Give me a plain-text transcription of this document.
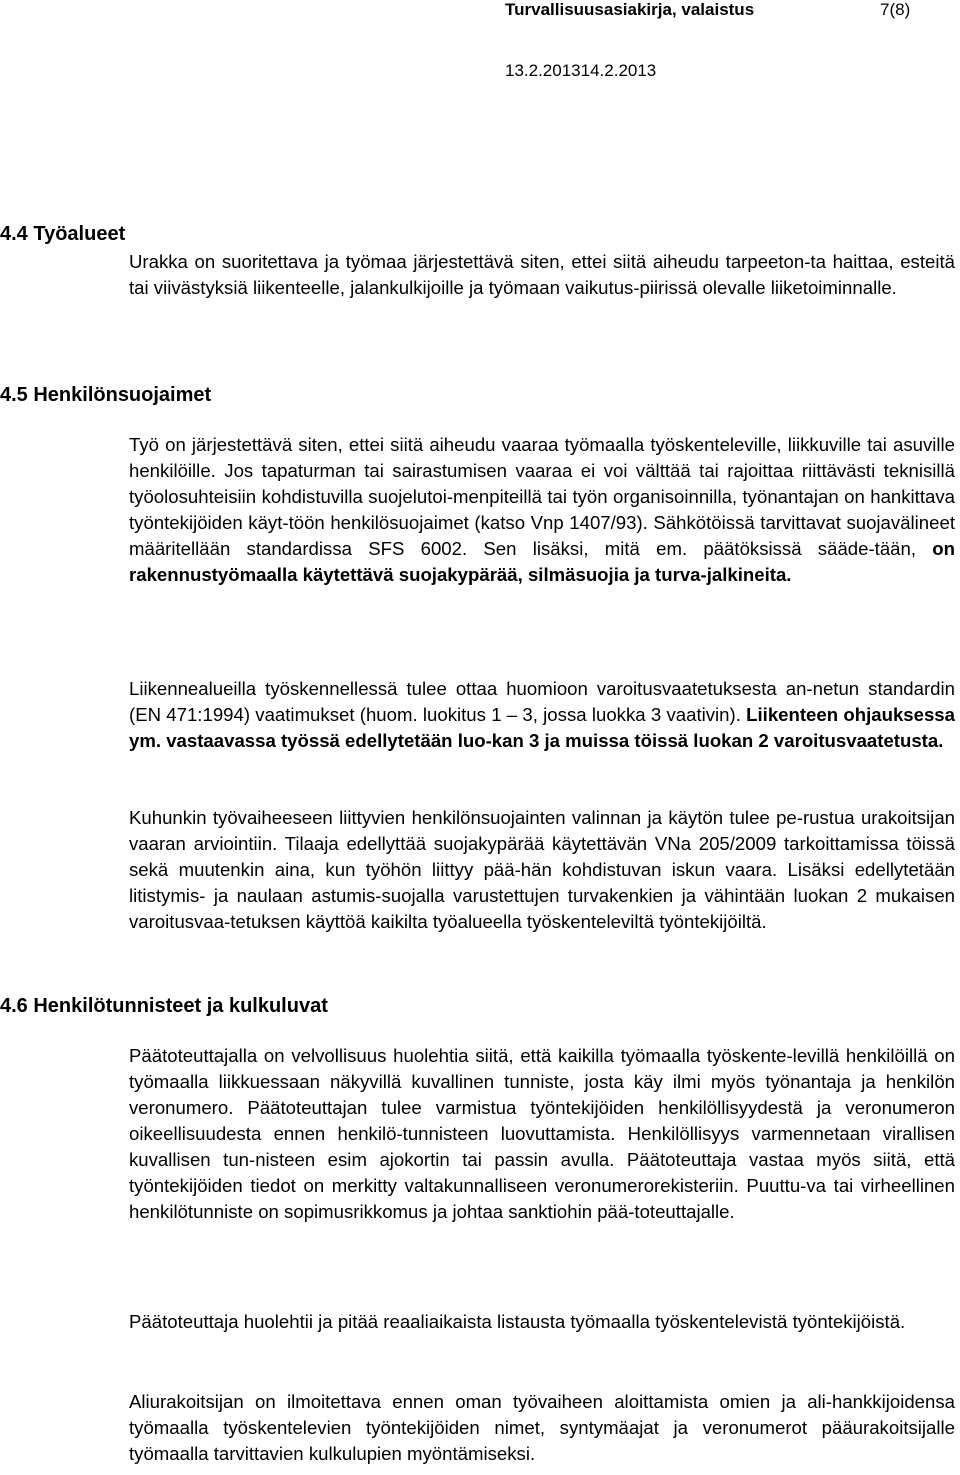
Turvallisuusasiakirja, valaistus	7(8)
13.2.201314.2.2013
4.4 Työalueet
Urakka on suoritettava ja työmaa järjestettävä siten, ettei siitä aiheudu tarpeeton-ta haittaa, esteitä tai viivästyksiä liikenteelle, jalankulkijoille ja työmaan vaikutus-piirissä olevalle liiketoiminnalle.
4.5 Henkilönsuojaimet
Työ on järjestettävä siten, ettei siitä aiheudu vaaraa työmaalla työskenteleville, liikkuville tai asuville henkilöille. Jos tapaturman tai sairastumisen vaaraa ei voi välttää tai rajoittaa riittävästi teknisillä työolosuhteisiin kohdistuvilla suojelutoi-menpiteillä tai työn organisoinnilla, työnantajan on hankittava työntekijöiden käyt-töön henkilösuojaimet (katso Vnp 1407/93). Sähkötöissä tarvittavat suojavälineet määritellään standardissa SFS 6002. Sen lisäksi, mitä em. päätöksissä sääde-tään, on rakennustyömaalla käytettävä suojakypärää, silmäsuojia ja turva-jalkineita.
Liikennealueilla työskennellessä tulee ottaa huomioon varoitusvaatetuksesta an-netun standardin (EN 471:1994) vaatimukset (huom. luokitus 1 – 3, jossa luokka 3 vaativin). Liikenteen ohjauksessa ym. vastaavassa työssä edellytetään luo-kan 3 ja muissa töissä luokan 2 varoitusvaatetusta.
Kuhunkin työvaiheeseen liittyvien henkilönsuojainten valinnan ja käytön tulee pe-rustua urakoitsijan vaaran arviointiin. Tilaaja edellyttää suojakypärää käytettävän VNa 205/2009 tarkoittamissa töissä sekä muutenkin aina, kun työhön liittyy pää-hän kohdistuvan iskun vaara. Lisäksi edellytetään litistymis- ja naulaan astumis-suojalla varustettujen turvakenkien ja vähintään luokan 2 mukaisen varoitusvaa-tetuksen käyttöä kaikilta työalueella työskenteleviltä työntekijöiltä.
4.6 Henkilötunnisteet ja kulkuluvat
Päätoteuttajalla on velvollisuus huolehtia siitä, että kaikilla työmaalla työskente-levillä henkilöillä on työmaalla liikkuessaan näkyvillä kuvallinen tunniste, josta käy ilmi myös työnantaja ja henkilön veronumero. Päätoteuttajan tulee varmistua työntekijöiden henkilöllisyydestä ja veronumeron oikeellisuudesta ennen henkilö-tunnisteen luovuttamista. Henkilöllisyys varmennetaan virallisen kuvallisen tun-nisteen esim ajokortin tai passin avulla. Päätoteuttaja vastaa myös siitä, että työntekijöiden tiedot on merkitty valtakunnalliseen veronumerorekisteriin. Puuttu-va tai virheellinen henkilötunniste on sopimusrikkomus ja johtaa sanktiohin pää-toteuttajalle.
Päätoteuttaja huolehtii ja pitää reaaliaikaista listausta työmaalla työskentelevistä työntekijöistä.
Aliurakoitsijan on ilmoitettava ennen oman työvaiheen aloittamista omien ja ali-hankkijoidensa työmaalla työskentelevien työntekijöiden nimet, syntymäajat ja veronumerot pääurakoitsijalle työmaalla tarvittavien kulkulupien myöntämiseksi.
